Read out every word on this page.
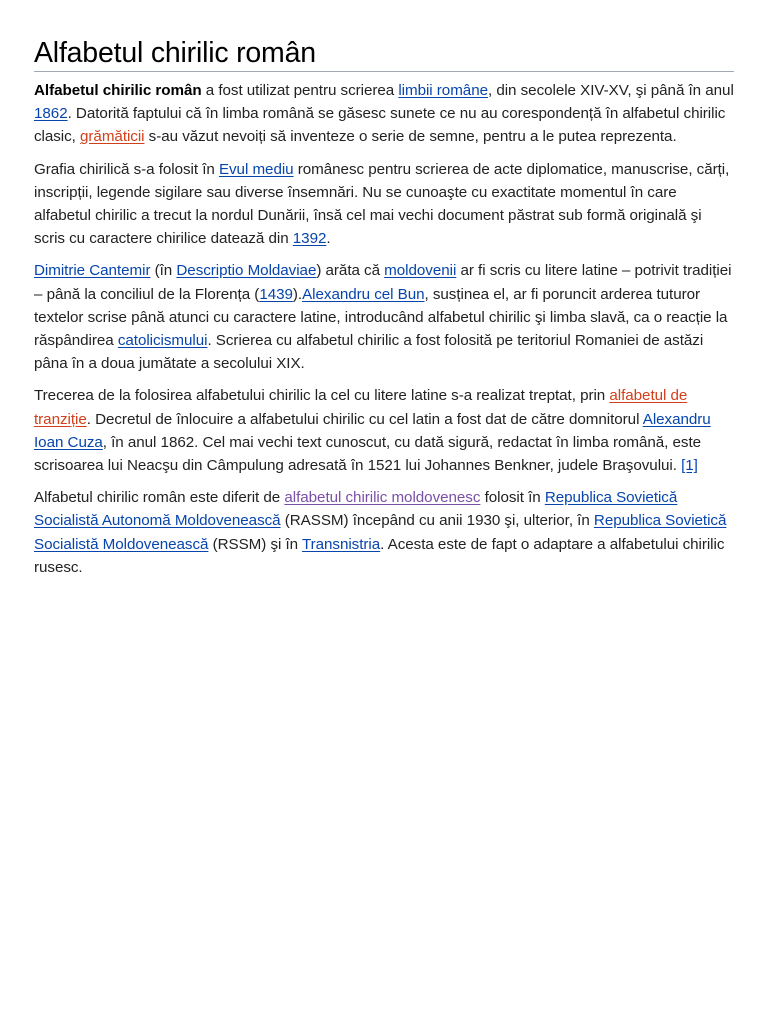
Alfabetul chirilic român

Alfabetul chirilic român a fost utilizat pentru scrierea limbii române, din secolele XIV-XV, şi până în anul 1862. Datorită faptului că în limba română se găsesc sunete ce nu au corespondență în alfabetul chirilic clasic, grămăticii s-au văzut nevoiți să inventeze o serie de semne, pentru a le putea reprezenta.

Grafia chirilică s-a folosit în Evul mediu românesc pentru scrierea de acte diplomatice, manuscrise, cărți, inscripții, legende sigilare sau diverse însemnări. Nu se cunoaşte cu exactitate momentul în care alfabetul chirilic a trecut la nordul Dunării, însă cel mai vechi document păstrat sub formă originală şi scris cu caractere chirilice datează din 1392.

Dimitrie Cantemir (în Descriptio Moldaviae) arăta că moldovenii ar fi scris cu litere latine – potrivit tradiției – până la conciliul de la Florența (1439).Alexandru cel Bun, susținea el, ar fi poruncit arderea tuturor textelor scrise până atunci cu caractere latine, introducând alfabetul chirilic şi limba slavă, ca o reacție la răspândirea catolicismului. Scrierea cu alfabetul chirilic a fost folosită pe teritoriul Romaniei de astăzi pâna în a doua jumătate a secolului XIX.

Trecerea de la folosirea alfabetului chirilic la cel cu litere latine s-a realizat treptat, prin alfabetul de tranziție. Decretul de înlocuire a alfabetului chirilic cu cel latin a fost dat de către domnitorul Alexandru Ioan Cuza, în anul 1862. Cel mai vechi text cunoscut, cu dată sigură, redactat în limba română, este scrisoarea lui Neacşu din Câmpulung adresată în 1521 lui Johannes Benkner, judele Braşovului. [1]

Alfabetul chirilic român este diferit de alfabetul chirilic moldovenesc folosit în Republica Sovietică Socialistă Autonomă Moldovenească (RASSM) începând cu anii 1930 şi, ulterior, în Republica Sovietică Socialistă Moldovenească (RSSM) şi în Transnistria. Acesta este de fapt o adaptare a alfabetului chirilic rusesc.
